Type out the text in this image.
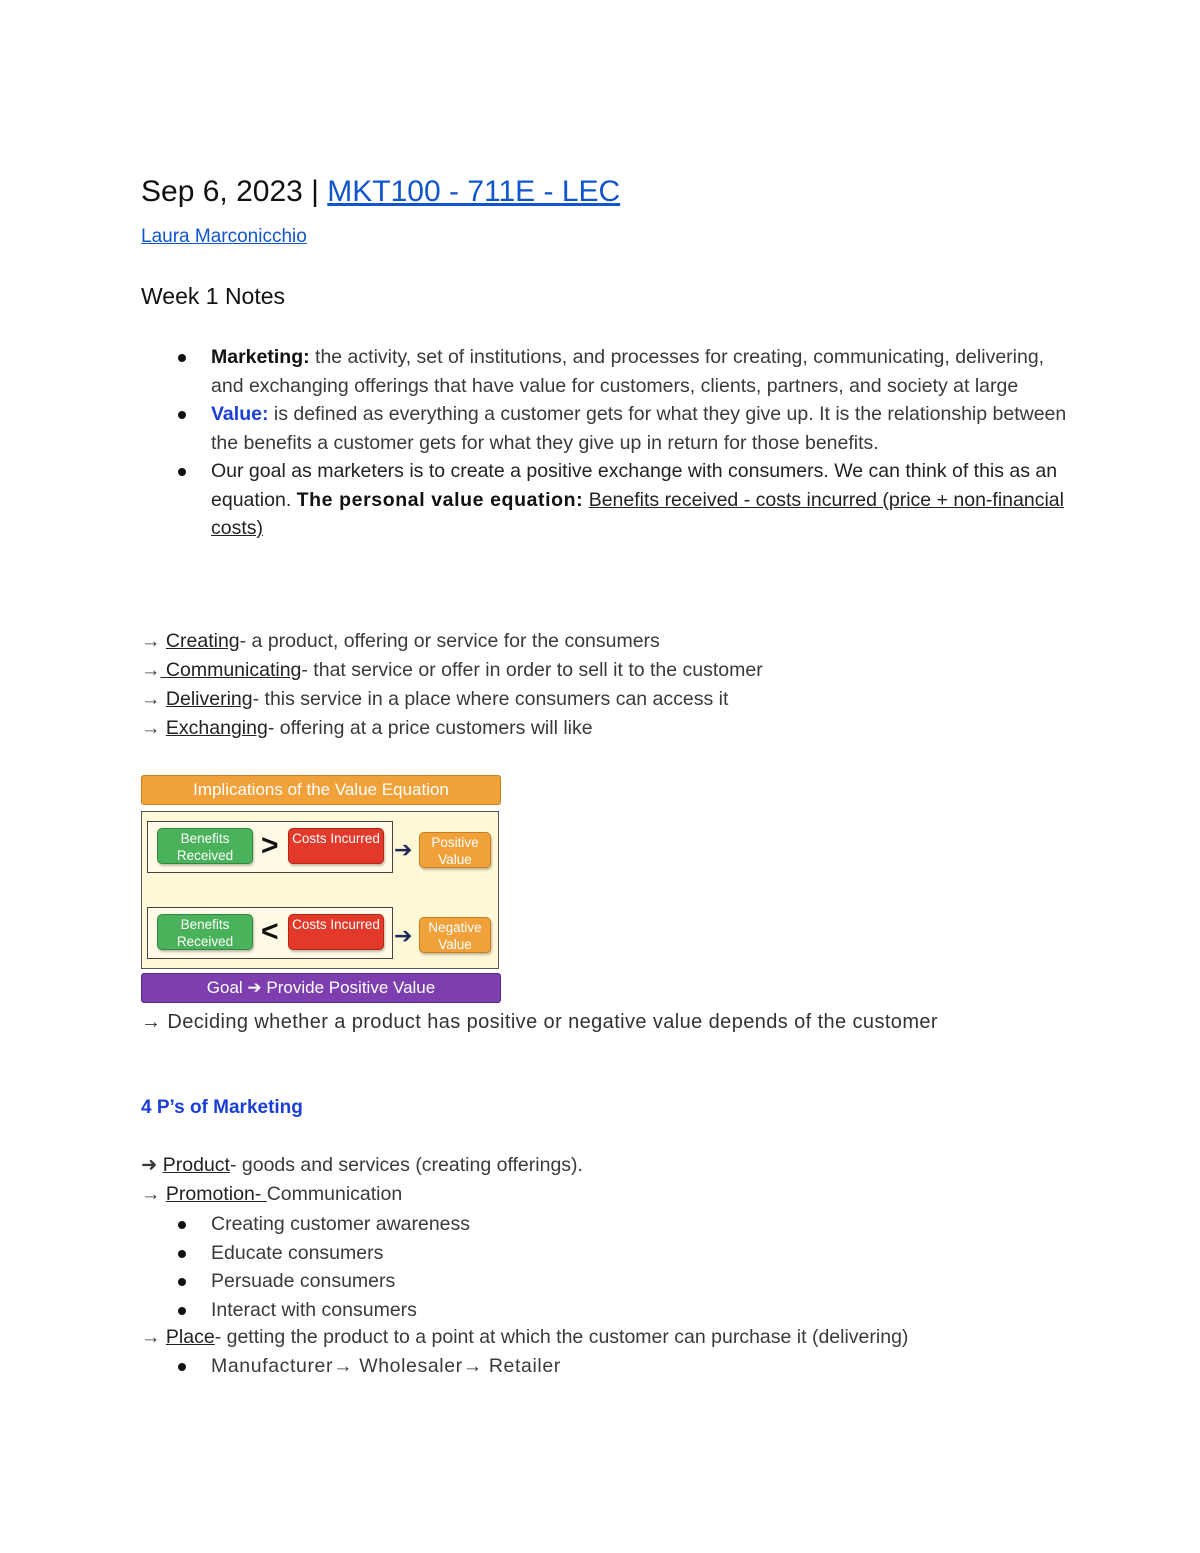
Sep 6, 2023 | MKT100 - 711E - LEC
Laura Marconicchio
Week 1 Notes
Marketing: the activity, set of institutions, and processes for creating, communicating, delivering, and exchanging offerings that have value for customers, clients, partners, and society at large
Value: is defined as everything a customer gets for what they give up. It is the relationship between the benefits a customer gets for what they give up in return for those benefits.
Our goal as marketers is to create a positive exchange with consumers. We can think of this as an equation. The personal value equation: Benefits received - costs incurred (price + non-financial costs)
→ Creating- a product, offering or service for the consumers
→ Communicating- that service or offer in order to sell it to the customer
→ Delivering- this service in a place where consumers can access it
→ Exchanging- offering at a price customers will like
→ Deciding whether a product has positive or negative value depends of the customer
4 P’s of Marketing
➜ Product- goods and services (creating offerings).
→ Promotion- Communication
Creating customer awareness
Educate consumers
Persuade consumers
Interact with consumers
→ Place- getting the product to a point at which the customer can purchase it (delivering)
Manufacturer→ Wholesaler→ Retailer
Implications of the Value Equation
Benefits Received >	Costs Incurred ➔	Positive Value
Benefits Received <	Costs Incurred ➔	Negative Value
Goal ➔ Provide Positive Value
